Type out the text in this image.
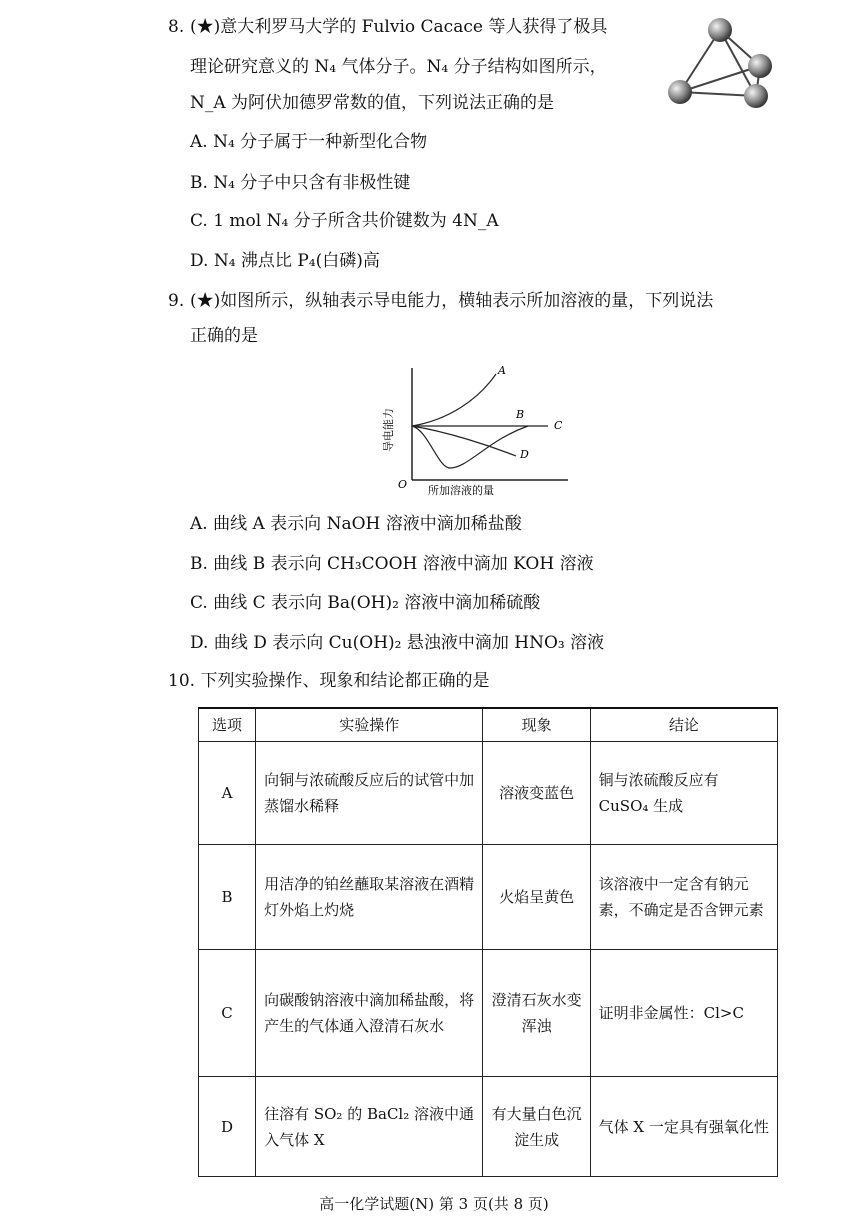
8. (★)意大利罗马大学的 Fulvio Cacace 等人获得了极具
理论研究意义的 N₄ 气体分子。N₄ 分子结构如图所示，
N_A 为阿伏加德罗常数的值，下列说法正确的是
A. N₄ 分子属于一种新型化合物
B. N₄ 分子中只含有非极性键
C. 1 mol N₄ 分子所含共价键数为 4N_A
D. N₄ 沸点比 P₄(白磷)高
9. (★)如图所示，纵轴表示导电能力，横轴表示所加溶液的量，下列说法
正确的是
A
B
C
D
O 所加溶液的量
导电能力
A. 曲线 A 表示向 NaOH 溶液中滴加稀盐酸
B. 曲线 B 表示向 CH₃COOH 溶液中滴加 KOH 溶液
C. 曲线 C 表示向 Ba(OH)₂ 溶液中滴加稀硫酸
D. 曲线 D 表示向 Cu(OH)₂ 悬浊液中滴加 HNO₃ 溶液
10. 下列实验操作、现象和结论都正确的是
选项	实验操作	现象	结论
A	向铜与浓硫酸反应后的试管中加蒸馏水稀释	溶液变蓝色	铜与浓硫酸反应有 CuSO₄ 生成
B	用洁净的铂丝蘸取某溶液在酒精灯外焰上灼烧	火焰呈黄色	该溶液中一定含有钠元素，不确定是否含钾元素
C	向碳酸钠溶液中滴加稀盐酸，将产生的气体通入澄清石灰水	澄清石灰水变浑浊	证明非金属性：Cl>C
D	往溶有 SO₂ 的 BaCl₂ 溶液中通入气体 X	有大量白色沉淀生成	气体 X 一定具有强氧化性
高一化学试题(N) 第 3 页(共 8 页)
